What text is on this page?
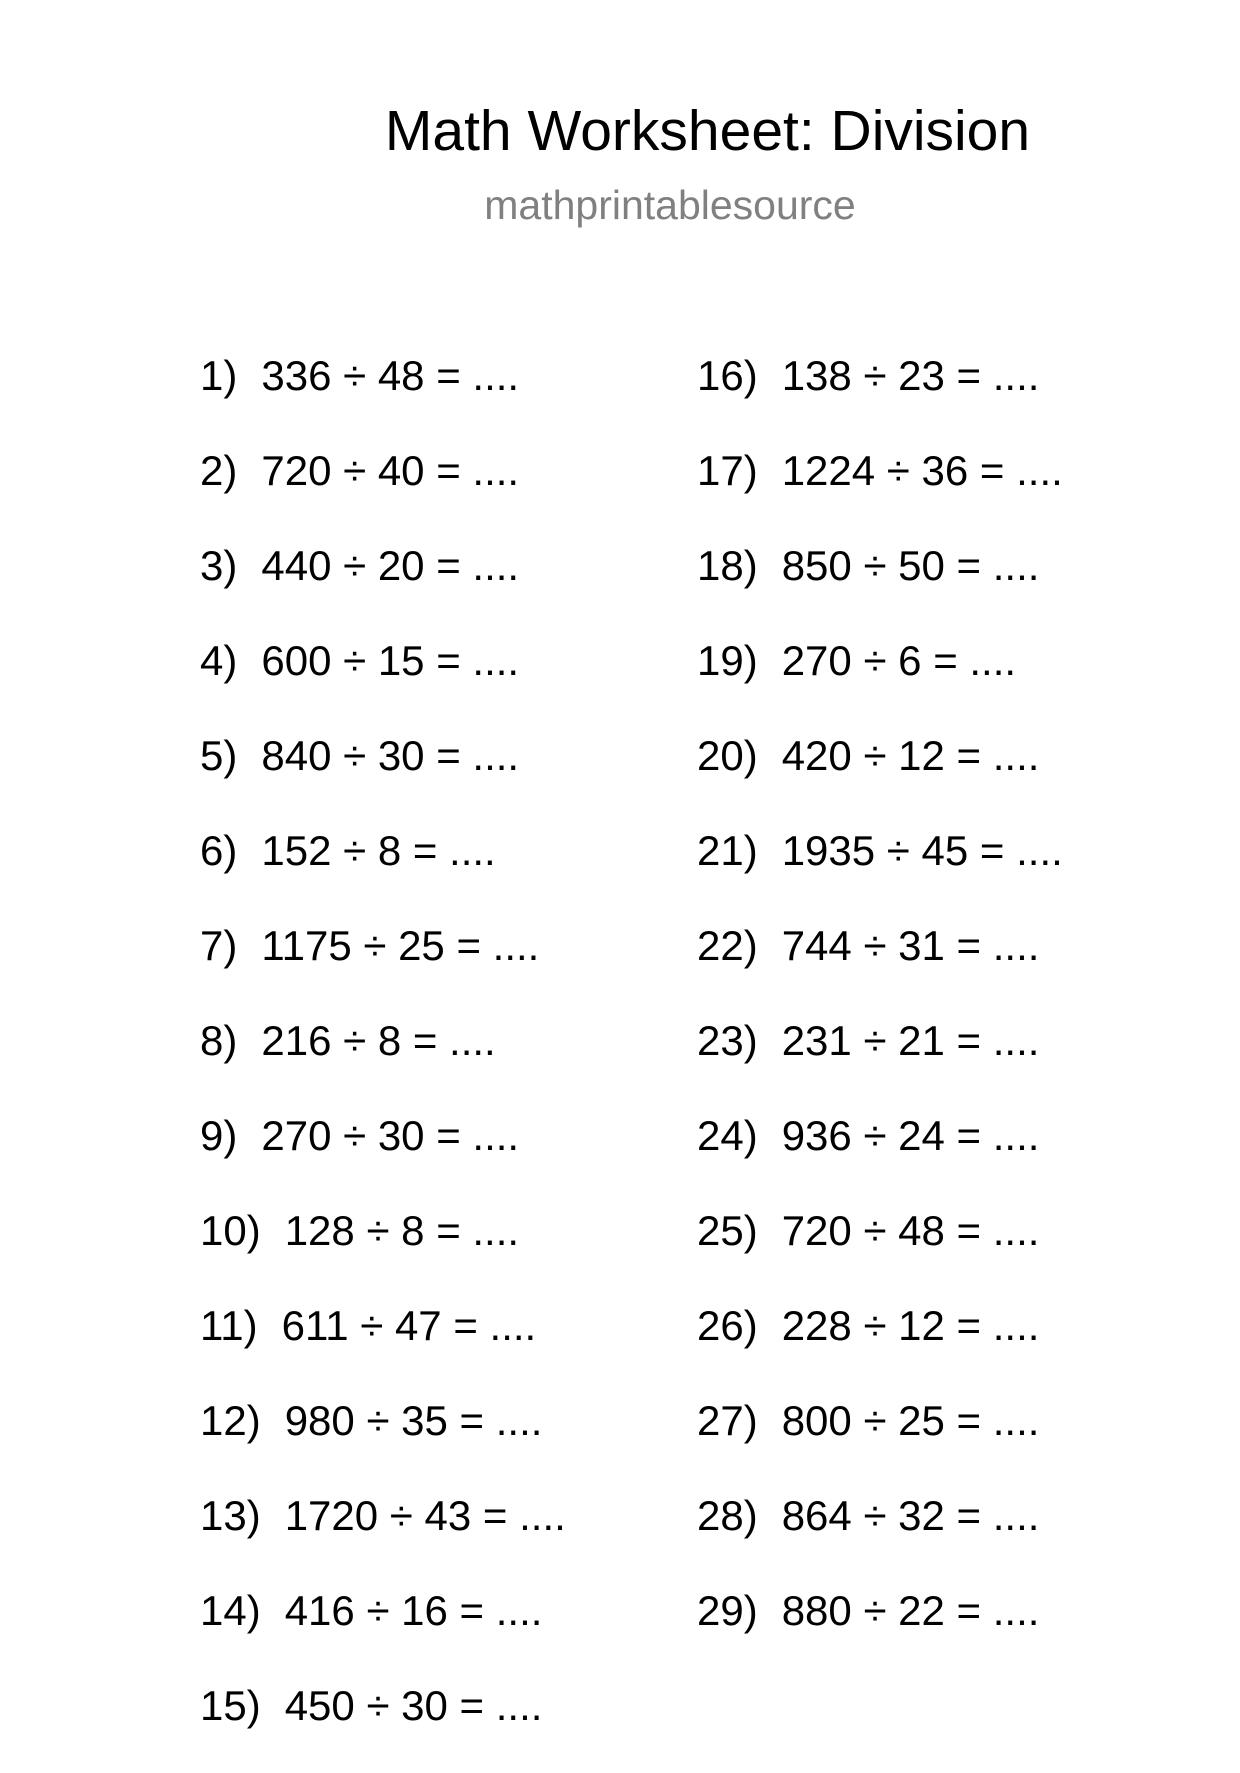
Math Worksheet: Division
mathprintablesource
1) 336 ÷ 48 = ....
2) 720 ÷ 40 = ....
3) 440 ÷ 20 = ....
4) 600 ÷ 15 = ....
5) 840 ÷ 30 = ....
6) 152 ÷ 8 = ....
7) 1175 ÷ 25 = ....
8) 216 ÷ 8 = ....
9) 270 ÷ 30 = ....
10) 128 ÷ 8 = ....
11) 611 ÷ 47 = ....
12) 980 ÷ 35 = ....
13) 1720 ÷ 43 = ....
14) 416 ÷ 16 = ....
15) 450 ÷ 30 = ....
16) 138 ÷ 23 = ....
17) 1224 ÷ 36 = ....
18) 850 ÷ 50 = ....
19) 270 ÷ 6 = ....
20) 420 ÷ 12 = ....
21) 1935 ÷ 45 = ....
22) 744 ÷ 31 = ....
23) 231 ÷ 21 = ....
24) 936 ÷ 24 = ....
25) 720 ÷ 48 = ....
26) 228 ÷ 12 = ....
27) 800 ÷ 25 = ....
28) 864 ÷ 32 = ....
29) 880 ÷ 22 = ....
